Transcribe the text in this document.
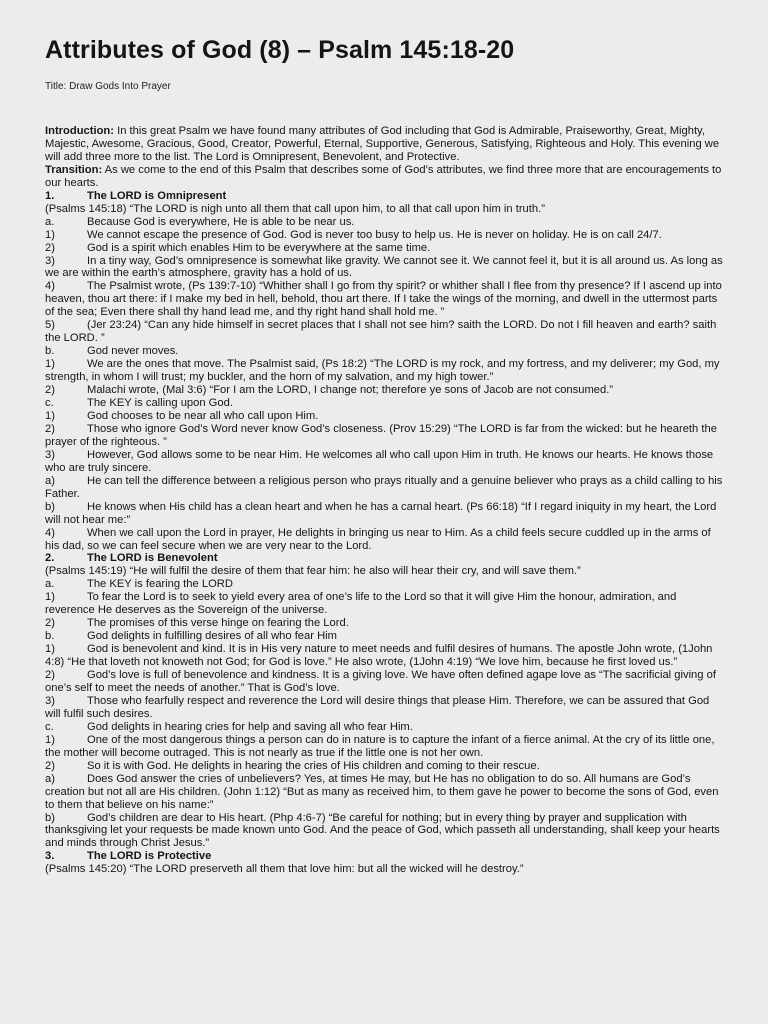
Attributes of God (8) – Psalm 145:18-20
Title: Draw Gods Into Prayer

Introduction: In this great Psalm we have found many attributes of God including that God is Admirable, Praiseworthy, Great, Mighty, Majestic, Awesome, Gracious, Good, Creator, Powerful, Eternal, Supportive, Generous, Satisfying, Righteous and Holy. This evening we will add three more to the list. The Lord is Omnipresent, Benevolent, and Protective.

Transition: As we come to the end of this Psalm that describes some of God’s attributes, we find three more that are encouragements to our hearts.

1.	The LORD is Omnipresent

(Psalms 145:18) “The LORD is nigh unto all them that call upon him, to all that call upon him in truth.”

a.	Because God is everywhere, He is able to be near us.

1)	We cannot escape the presence of God. God is never too busy to help us. He is never on holiday. He is on call 24/7.

2)	God is a spirit which enables Him to be everywhere at the same time.

3)	In a tiny way, God’s omnipresence is somewhat like gravity. We cannot see it. We cannot feel it, but it is all around us. As long as we are within the earth’s atmosphere, gravity has a hold of us.

4)	The Psalmist wrote, (Ps 139:7-10) “Whither shall I go from thy spirit? or whither shall I flee from thy presence? If I ascend up into heaven, thou art there: if I make my bed in hell, behold, thou art there. If I take the wings of the morning, and dwell in the uttermost parts of the sea; Even there shall thy hand lead me, and thy right hand shall hold me. ”

5)	(Jer 23:24) “Can any hide himself in secret places that I shall not see him? saith the LORD. Do not I fill heaven and earth? saith the LORD. ”

b.	God never moves.

1)	We are the ones that move. The Psalmist said, (Ps 18:2) “The LORD is my rock, and my fortress, and my deliverer; my God, my strength, in whom I will trust; my buckler, and the horn of my salvation, and my high tower.”

2)	Malachi wrote, (Mal 3:6) “For I am the LORD, I change not; therefore ye sons of Jacob are not consumed.”

c.	The KEY is calling upon God.

1)	God chooses to be near all who call upon Him.

2)	Those who ignore God’s Word never know God’s closeness. (Prov 15:29) “The LORD is far from the wicked: but he heareth the prayer of the righteous. ”

3)	However, God allows some to be near Him. He welcomes all who call upon Him in truth. He knows our hearts. He knows those who are truly sincere.

a)	He can tell the difference between a religious person who prays ritually and a genuine believer who prays as a child calling to his Father.

b)	He knows when His child has a clean heart and when he has a carnal heart. (Ps 66:18) “If I regard iniquity in my heart, the Lord will not hear me:”

4)	When we call upon the Lord in prayer, He delights in bringing us near to Him. As a child feels secure cuddled up in the arms of his dad, so we can feel secure when we are very near to the Lord.

2.	The LORD is Benevolent

(Psalms 145:19) “He will fulfil the desire of them that fear him: he also will hear their cry, and will save them.”

a.	The KEY is fearing the LORD

1)	To fear the Lord is to seek to yield every area of one’s life to the Lord so that it will give Him the honour, admiration, and reverence He deserves as the Sovereign of the universe.

2)	The promises of this verse hinge on fearing the Lord.

b.	God delights in fulfilling desires of all who fear Him

1)	God is benevolent and kind. It is in His very nature to meet needs and fulfil desires of humans. The apostle John wrote, (1John 4:8) “He that loveth not knoweth not God; for God is love.” He also wrote, (1John 4:19) “We love him, because he first loved us.”

2)	God’s love is full of benevolence and kindness. It is a giving love. We have often defined agape love as “The sacrificial giving of one’s self to meet the needs of another.” That is God’s love.

3)	Those who fearfully respect and reverence the Lord will desire things that please Him. Therefore, we can be assured that God will fulfil such desires.

c.	God delights in hearing cries for help and saving all who fear Him.

1)	One of the most dangerous things a person can do in nature is to capture the infant of a fierce animal. At the cry of its little one, the mother will become outraged. This is not nearly as true if the little one is not her own.

2)	So it is with God. He delights in hearing the cries of His children and coming to their rescue.

a)	Does God answer the cries of unbelievers? Yes, at times He may, but He has no obligation to do so. All humans are God’s creation but not all are His children. (John 1:12) “But as many as received him, to them gave he power to become the sons of God, even to them that believe on his name:”

b)	God’s children are dear to His heart. (Php 4:6-7) “Be careful for nothing; but in every thing by prayer and supplication with thanksgiving let your requests be made known unto God. And the peace of God, which passeth all understanding, shall keep your hearts and minds through Christ Jesus.”

3.	The LORD is Protective

(Psalms 145:20) “The LORD preserveth all them that love him: but all the wicked will he destroy.”
